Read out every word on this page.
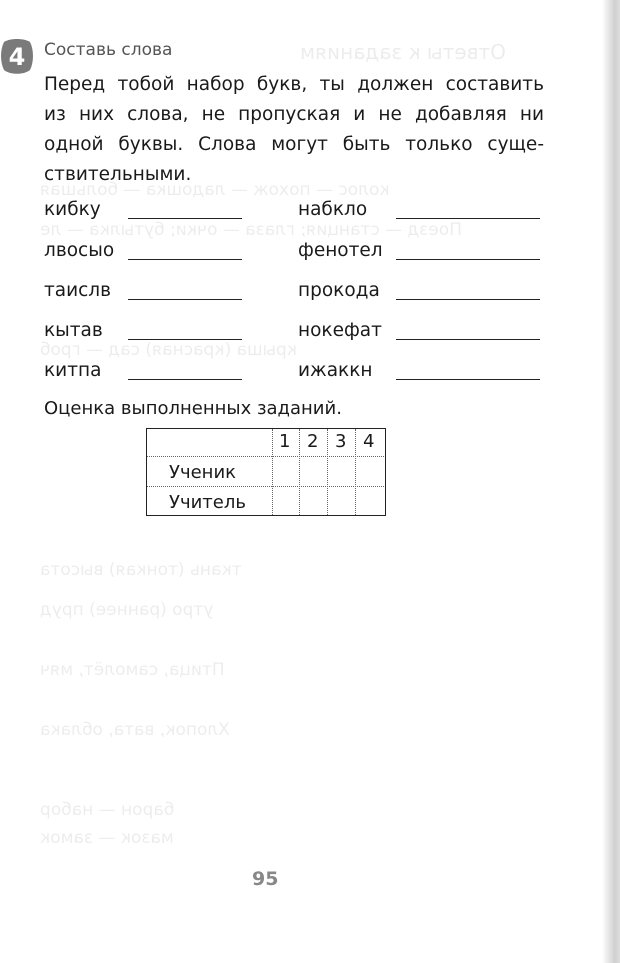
Ответы к заданиям
колос — похож — ладошка — большая
Поезд — станция; глаза — очки; бутылка — ле
крыша (красная) сад — гроб
ткань (тонкая) высота
утро (раннее) пруд
Птица, самолёт, мяч
Хлопок, вата, облака
барон — набор
мазок — замок
4 Составь слова
Перед тобой набор букв, ты должен составить
из них слова, не пропуская и не добавляя ни
одной буквы. Слова могут быть только суще-
ствительными.
кибку
лвосыо
таислв
кытав
китпа
набкло
фенотел
прокода
нокефат
ижаккн
Оценка выполненных заданий.
1 2 3 4
Ученик
Учитель
95
